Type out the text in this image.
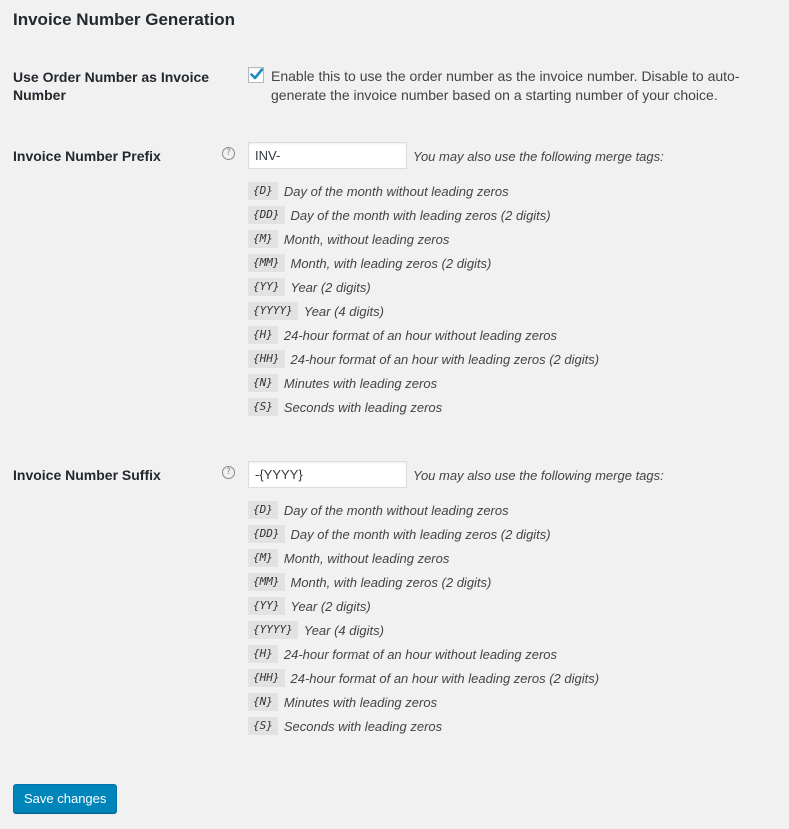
Invoice Number Generation
Use Order Number as Invoice Number
Enable this to use the order number as the invoice number. Disable to auto-generate the invoice number based on a starting number of your choice.
Invoice Number Prefix	?
INV-	You may also use the following merge tags:
{D} Day of the month without leading zeros
{DD} Day of the month with leading zeros (2 digits)
{M} Month, without leading zeros
{MM} Month, with leading zeros (2 digits)
{YY} Year (2 digits)
{YYYY} Year (4 digits)
{H} 24-hour format of an hour without leading zeros
{HH} 24-hour format of an hour with leading zeros (2 digits)
{N} Minutes with leading zeros
{S} Seconds with leading zeros
Invoice Number Suffix	?
-{YYYY}	You may also use the following merge tags:
{D} Day of the month without leading zeros
{DD} Day of the month with leading zeros (2 digits)
{M} Month, without leading zeros
{MM} Month, with leading zeros (2 digits)
{YY} Year (2 digits)
{YYYY} Year (4 digits)
{H} 24-hour format of an hour without leading zeros
{HH} 24-hour format of an hour with leading zeros (2 digits)
{N} Minutes with leading zeros
{S} Seconds with leading zeros
Save changes
